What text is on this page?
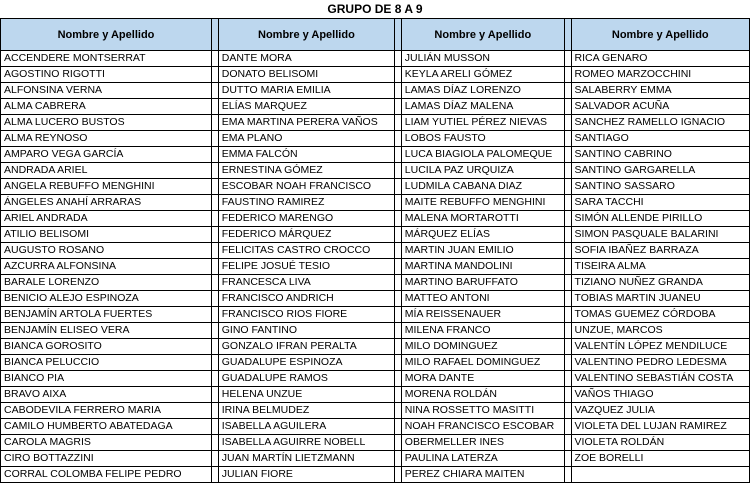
GRUPO DE 8 A 9
Nombre y Apellido		Nombre y Apellido		Nombre y Apellido		Nombre y Apellido
ACCENDERE MONTSERRAT		DANTE MORA		JULIÁN MUSSON		RICA GENARO
AGOSTINO RIGOTTI		DONATO BELISOMI		KEYLA ARELI GÓMEZ		ROMEO MARZOCCHINI
ALFONSINA VERNA		DUTTO MARIA EMILIA		LAMAS DÍAZ LORENZO		SALABERRY EMMA
ALMA CABRERA		ELÍAS MARQUEZ		LAMAS DÍAZ MALENA		SALVADOR ACUÑA
ALMA LUCERO BUSTOS		EMA MARTINA PERERA VAÑOS		LIAM YUTIEL PÉREZ NIEVAS		SANCHEZ RAMELLO IGNACIO
ALMA REYNOSO		EMA PLANO		LOBOS FAUSTO		SANTIAGO
AMPARO VEGA GARCÍA		EMMA FALCÓN		LUCA BIAGIOLA PALOMEQUE		SANTINO CABRINO
ANDRADA ARIEL		ERNESTINA GÓMEZ		LUCILA PAZ URQUIZA		SANTINO GARGARELLA
ANGELA REBUFFO MENGHINI		ESCOBAR NOAH FRANCISCO		LUDMILA CABANA DIAZ		SANTINO SASSARO
ÁNGELES ANAHÍ ARRARAS		FAUSTINO RAMIREZ		MAITE REBUFFO MENGHINI		SARA TACCHI
ARIEL ANDRADA		FEDERICO MARENGO		MALENA MORTAROTTI		SIMÓN ALLENDE PIRILLO
ATILIO BELISOMI		FEDERICO MÁRQUEZ		MÁRQUEZ ELÍAS		SIMON PASQUALE BALARINI
AUGUSTO ROSANO		FELICITAS CASTRO CROCCO		MARTIN JUAN EMILIO		SOFIA IBAÑEZ BARRAZA
AZCURRA ALFONSINA		FELIPE JOSUÉ TESIO		MARTINA MANDOLINI		TISEIRA ALMA
BARALE LORENZO		FRANCESCA LIVA		MARTINO BARUFFATO		TIZIANO NUÑEZ GRANDA
BENICIO ALEJO ESPINOZA		FRANCISCO ANDRICH		MATTEO ANTONI		TOBIAS MARTIN JUANEU
BENJAMÍN ARTOLA FUERTES		FRANCISCO RIOS FIORE		MÍA REISSENAUER		TOMAS GUEMEZ CÓRDOBA
BENJAMÍN ELISEO VERA		GINO FANTINO		MILENA FRANCO		UNZUE, MARCOS
BIANCA GOROSITO		GONZALO IFRAN PERALTA		MILO DOMINGUEZ		VALENTÍN LÓPEZ MENDILUCE
BIANCA PELUCCIO		GUADALUPE ESPINOZA		MILO RAFAEL DOMINGUEZ		VALENTINO PEDRO LEDESMA
BIANCO PIA		GUADALUPE RAMOS		MORA DANTE		VALENTINO SEBASTIÁN COSTA
BRAVO AIXA		HELENA UNZUE		MORENA ROLDÁN		VAÑOS THIAGO
CABODEVILA FERRERO MARIA		IRINA BELMUDEZ		NINA ROSSETTO MASITTI		VAZQUEZ JULIA
CAMILO HUMBERTO ABATEDAGA		ISABELLA AGUILERA		NOAH FRANCISCO ESCOBAR		VIOLETA DEL LUJAN RAMIREZ
CAROLA MAGRIS		ISABELLA AGUIRRE NOBELL		OBERMELLER INES		VIOLETA ROLDÁN
CIRO BOTTAZZINI		JUAN MARTÍN LIETZMANN		PAULINA LATERZA		ZOE BORELLI
CORRAL COLOMBA FELIPE PEDRO		JULIAN FIORE		PEREZ CHIARA MAITEN		
